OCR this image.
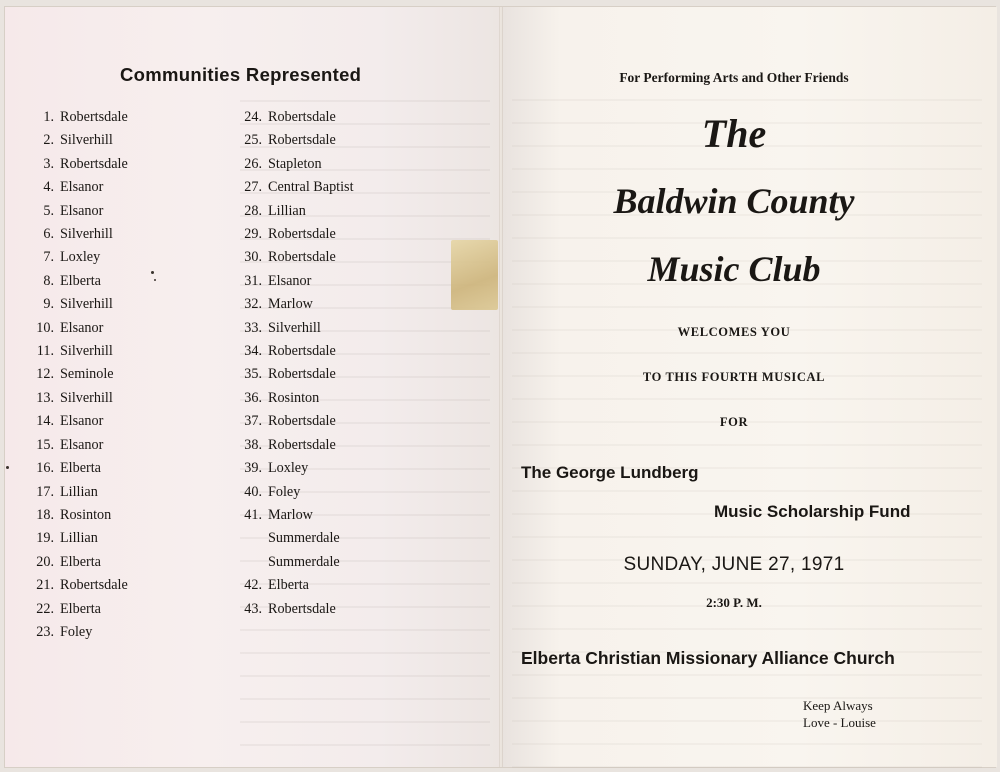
Communities Represented
1. Robertsdale
2. Silverhill
3. Robertsdale
4. Elsanor
5. Elsanor
6. Silverhill
7. Loxley
8. Elberta
9. Silverhill
10. Elsanor
11. Silverhill
12. Seminole
13. Silverhill
14. Elsanor
15. Elsanor
16. Elberta
17. Lillian
18. Rosinton
19. Lillian
20. Elberta
21. Robertsdale
22. Elberta
23. Foley
24. Robertsdale
25. Robertsdale
26. Stapleton
27. Central Baptist
28. Lillian
29. Robertsdale
30. Robertsdale
31. Elsanor
32. Marlow
33. Silverhill
34. Robertsdale
35. Robertsdale
36. Rosinton
37. Robertsdale
38. Robertsdale
39. Loxley
40. Foley
41. Marlow
Summerdale
Summerdale
42. Elberta
43. Robertsdale
For Performing Arts and Other Friends
The
Baldwin County
Music Club
WELCOMES YOU
TO THIS FOURTH MUSICAL
FOR
The George Lundberg
Music Scholarship Fund
SUNDAY, JUNE 27, 1971
2:30 P. M.
Elberta Christian Missionary Alliance Church
Keep Always
Love - Louise
